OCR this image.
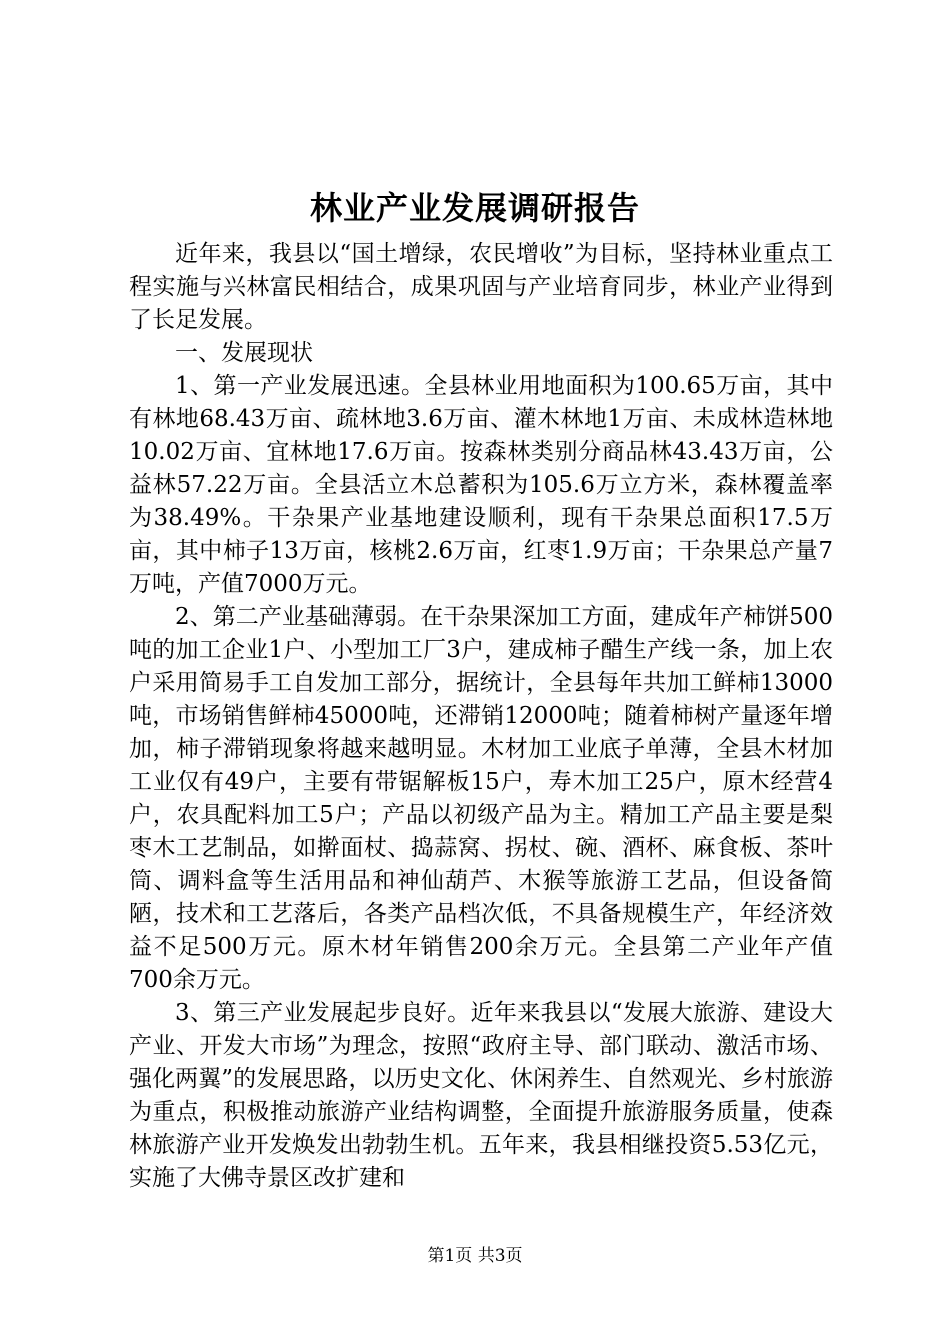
林业产业发展调研报告

近年来，我县以“国土增绿，农民增收”为目标，坚持林业重点工程实施与兴林富民相结合，成果巩固与产业培育同步，林业产业得到了长足发展。

一、发展现状

1、第一产业发展迅速。全县林业用地面积为100.65万亩，其中有林地68.43万亩、疏林地3.6万亩、灌木林地1万亩、未成林造林地10.02万亩、宜林地17.6万亩。按森林类别分商品林43.43万亩，公益林57.22万亩。全县活立木总蓄积为105.6万立方米，森林覆盖率为38.49%。干杂果产业基地建设顺利，现有干杂果总面积17.5万亩，其中柿子13万亩，核桃2.6万亩，红枣1.9万亩；干杂果总产量7万吨，产值7000万元。

2、第二产业基础薄弱。在干杂果深加工方面，建成年产柿饼500吨的加工企业1户、小型加工厂3户，建成柿子醋生产线一条，加上农户采用简易手工自发加工部分，据统计，全县每年共加工鲜柿13000吨，市场销售鲜柿45000吨，还滞销12000吨；随着柿树产量逐年增加，柿子滞销现象将越来越明显。木材加工业底子单薄，全县木材加工业仅有49户，主要有带锯解板15户，寿木加工25户，原木经营4户，农具配料加工5户；产品以初级产品为主。精加工产品主要是梨枣木工艺制品，如擀面杖、捣蒜窝、拐杖、碗、酒杯、麻食板、茶叶筒、调料盒等生活用品和神仙葫芦、木猴等旅游工艺品，但设备简陋，技术和工艺落后，各类产品档次低，不具备规模生产，年经济效益不足500万元。原木材年销售200余万元。全县第二产业年产值700余万元。

3、第三产业发展起步良好。近年来我县以“发展大旅游、建设大产业、开发大市场”为理念，按照“政府主导、部门联动、激活市场、强化两翼”的发展思路，以历史文化、休闲养生、自然观光、乡村旅游为重点，积极推动旅游产业结构调整，全面提升旅游服务质量，使森林旅游产业开发焕发出勃勃生机。五年来，我县相继投资5.53亿元，实施了大佛寺景区改扩建和

第1页 共3页
